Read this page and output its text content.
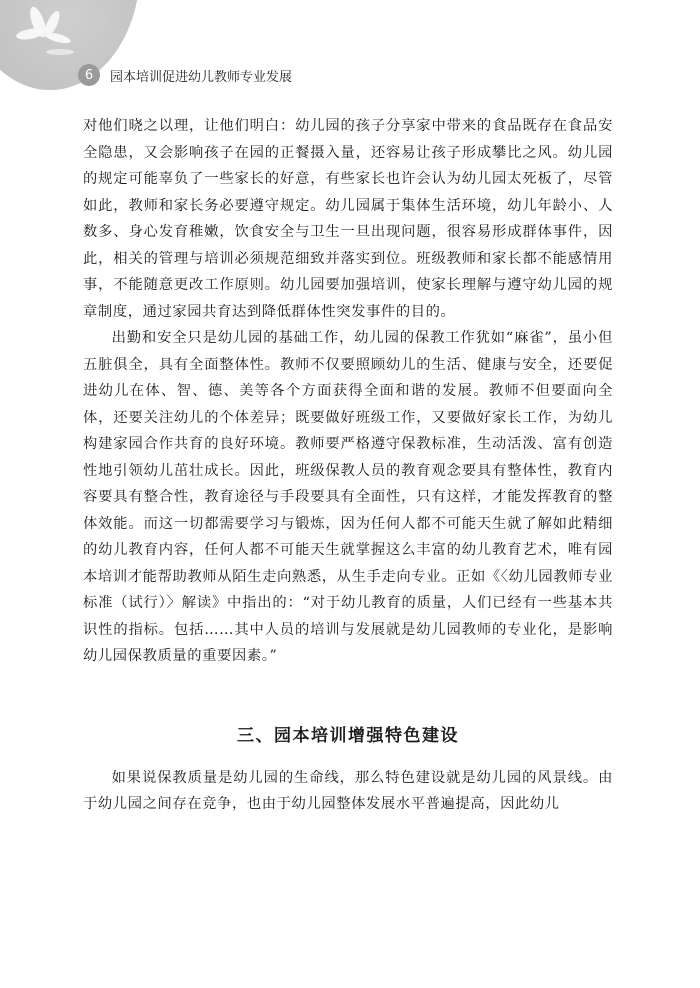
6	园本培训促进幼儿教师专业发展

对他们晓之以理，让他们明白：幼儿园的孩子分享家中带来的食品既存在食品安全隐患，又会影响孩子在园的正餐摄入量，还容易让孩子形成攀比之风。幼儿园的规定可能辜负了一些家长的好意，有些家长也许会认为幼儿园太死板了，尽管如此，教师和家长务必要遵守规定。幼儿园属于集体生活环境，幼儿年龄小、人数多、身心发育稚嫩，饮食安全与卫生一旦出现问题，很容易形成群体事件，因此，相关的管理与培训必须规范细致并落实到位。班级教师和家长都不能感情用事，不能随意更改工作原则。幼儿园要加强培训，使家长理解与遵守幼儿园的规章制度，通过家园共育达到降低群体性突发事件的目的。

出勤和安全只是幼儿园的基础工作，幼儿园的保教工作犹如“麻雀”，虽小但五脏俱全，具有全面整体性。教师不仅要照顾幼儿的生活、健康与安全，还要促进幼儿在体、智、德、美等各个方面获得全面和谐的发展。教师不但要面向全体，还要关注幼儿的个体差异；既要做好班级工作，又要做好家长工作，为幼儿构建家园合作共育的良好环境。教师要严格遵守保教标准，生动活泼、富有创造性地引领幼儿茁壮成长。因此，班级保教人员的教育观念要具有整体性，教育内容要具有整合性，教育途径与手段要具有全面性，只有这样，才能发挥教育的整体效能。而这一切都需要学习与锻炼，因为任何人都不可能天生就了解如此精细的幼儿教育内容，任何人都不可能天生就掌握这么丰富的幼儿教育艺术，唯有园本培训才能帮助教师从陌生走向熟悉，从生手走向专业。正如《〈幼儿园教师专业标准（试行）〉解读》中指出的：“对于幼儿教育的质量，人们已经有一些基本共识性的指标。包括……其中人员的培训与发展就是幼儿园教师的专业化，是影响幼儿园保教质量的重要因素。”

三、园本培训增强特色建设

如果说保教质量是幼儿园的生命线，那么特色建设就是幼儿园的风景线。由于幼儿园之间存在竞争，也由于幼儿园整体发展水平普遍提高，因此幼儿
